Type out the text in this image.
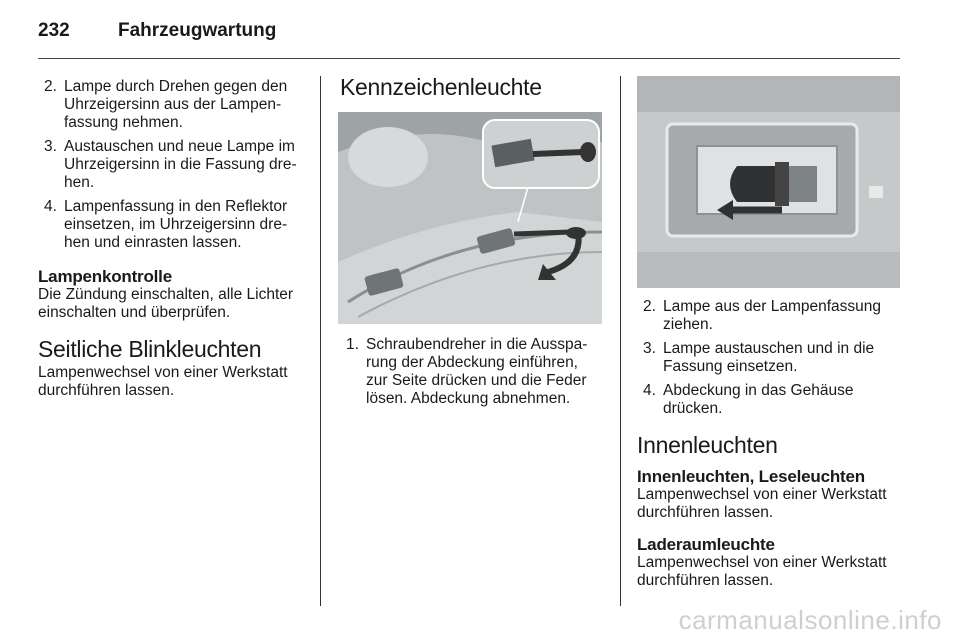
232	Fahrzeugwartung
2. Lampe durch Drehen gegen den Uhrzeigersinn aus der Lampenfassung nehmen.
3. Austauschen und neue Lampe im Uhrzeigersinn in die Fassung drehen.
4. Lampenfassung in den Reflektor einsetzen, im Uhrzeigersinn drehen und einrasten lassen.
Lampenkontrolle

Die Zündung einschalten, alle Lichter einschalten und überprüfen.

Seitliche Blinkleuchten

Lampenwechsel von einer Werkstatt durchführen lassen.

Kennzeichenleuchte
1. Schraubendreher in die Aussparung der Abdeckung einführen, zur Seite drücken und die Feder lösen. Abdeckung abnehmen.
2. Lampe aus der Lampenfassung ziehen.
3. Lampe austauschen und in die Fassung einsetzen.
4. Abdeckung in das Gehäuse drücken.
Innenleuchten
Innenleuchten, Leseleuchten

Lampenwechsel von einer Werkstatt durchführen lassen.

Laderaumleuchte

Lampenwechsel von einer Werkstatt durchführen lassen.

carmanualsonline.info
